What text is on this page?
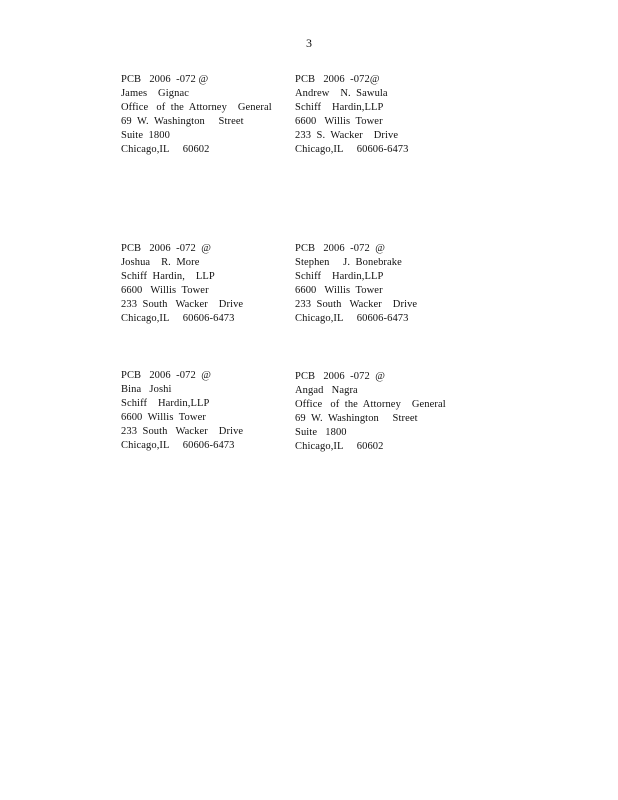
3
PCB   2006  -072 @
James    Gignac
Office   of  the  Attorney    General
69  W.  Washington     Street
Suite  1800
Chicago,IL     60602
PCB   2006  -072@
Andrew    N.  Sawula
Schiff    Hardin,LLP
6600   Willis  Tower
233  S.  Wacker    Drive
Chicago,IL     60606-6473
PCB   2006  -072  @
Joshua    R.  More
Schiff  Hardin,    LLP
6600   Willis  Tower
233  South   Wacker    Drive
Chicago,IL     60606-6473
PCB   2006  -072  @
Stephen     J.  Bonebrake
Schiff    Hardin,LLP
6600   Willis  Tower
233  South   Wacker    Drive
Chicago,IL     60606-6473
PCB   2006  -072  @
Bina   Joshi
Schiff    Hardin,LLP
6600  Willis  Tower
233  South   Wacker    Drive
Chicago,IL     60606-6473
PCB   2006  -072  @
Angad   Nagra
Office   of  the  Attorney    General
69  W.  Washington     Street
Suite   1800
Chicago,IL     60602
